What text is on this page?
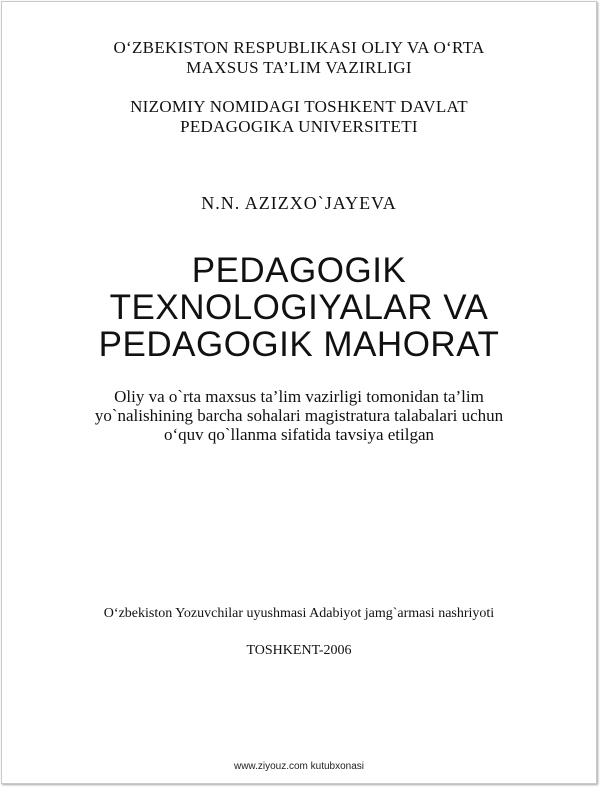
O‘ZBEKISTON RESPUBLIKASI OLIY VA O‘RTA
MAXSUS TA’LIM VAZIRLIGI
NIZOMIY NOMIDAGI TOSHKENT DAVLAT
PEDAGOGIKA UNIVERSITETI
N.N. AZIZXO`JAYEVA
PEDAGOGIK
TEXNOLOGIYALAR VA
PEDAGOGIK MAHORAT
Oliy va o`rta maxsus ta’lim vazirligi tomonidan ta’lim
yo`nalishining barcha sohalari magistratura talabalari uchun
o‘quv qo`llanma sifatida tavsiya etilgan
O‘zbekiston Yozuvchilar uyushmasi Adabiyot jamg`armasi nashriyoti
TOSHKENT-2006
www.ziyouz.com kutubxonasi
